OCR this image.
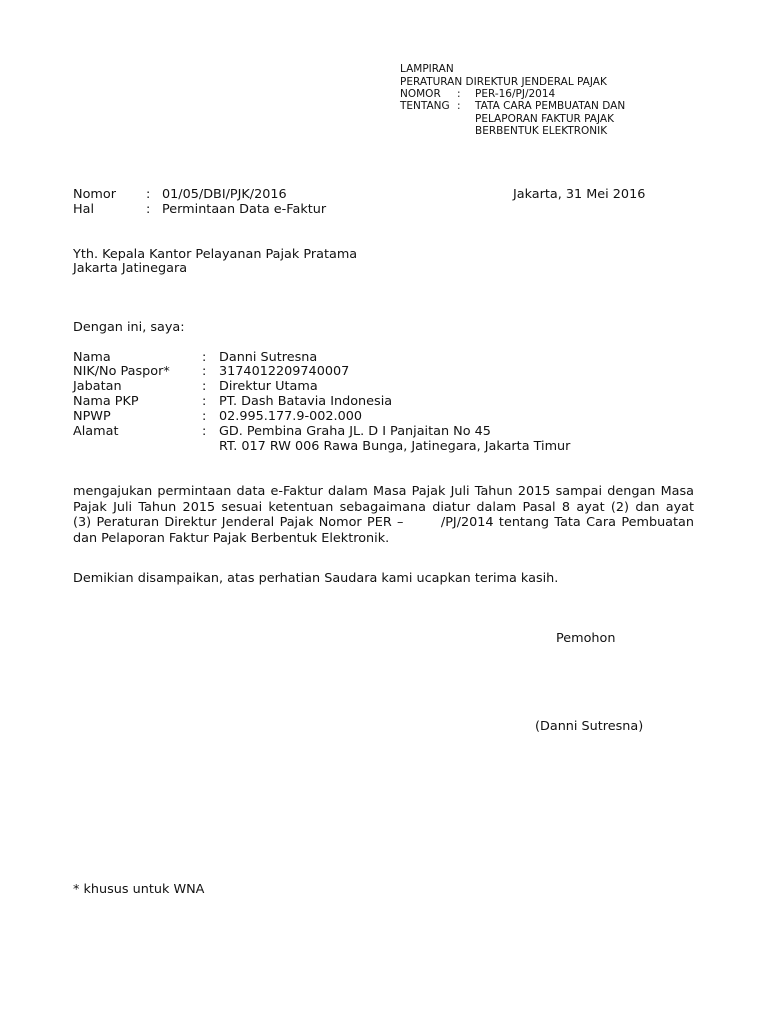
LAMPIRAN
PERATURAN DIREKTUR JENDERAL PAJAK
NOMOR : PER-16/PJ/2014
TENTANG : TATA CARA PEMBUATAN DAN
PELAPORAN FAKTUR PAJAK
BERBENTUK ELEKTRONIK
Nomor : 01/05/DBI/PJK/2016	Jakarta, 31 Mei 2016
Hal	: Permintaan Data e-Faktur
Yth. Kepala Kantor Pelayanan Pajak Pratama
Jakarta Jatinegara
Dengan ini, saya:
Nama	: Danni Sutresna
NIK/No Paspor*	: 3174012209740007
Jabatan	: Direktur Utama
Nama PKP	: PT. Dash Batavia Indonesia
NPWP	: 02.995.177.9-002.000
Alamat	: GD. Pembina Graha JL. D I Panjaitan No 45
RT. 017 RW 006 Rawa Bunga, Jatinegara, Jakarta Timur
mengajukan permintaan data e-Faktur dalam Masa Pajak Juli Tahun 2015 sampai dengan Masa
Pajak Juli Tahun 2015 sesuai ketentuan sebagaimana diatur dalam Pasal 8 ayat (2) dan ayat
(3) Peraturan Direktur Jenderal Pajak Nomor PER –       /PJ/2014 tentang Tata Cara Pembuatan
dan Pelaporan Faktur Pajak Berbentuk Elektronik.
Demikian disampaikan, atas perhatian Saudara kami ucapkan terima kasih.
Pemohon
(Danni Sutresna)
* khusus untuk WNA
